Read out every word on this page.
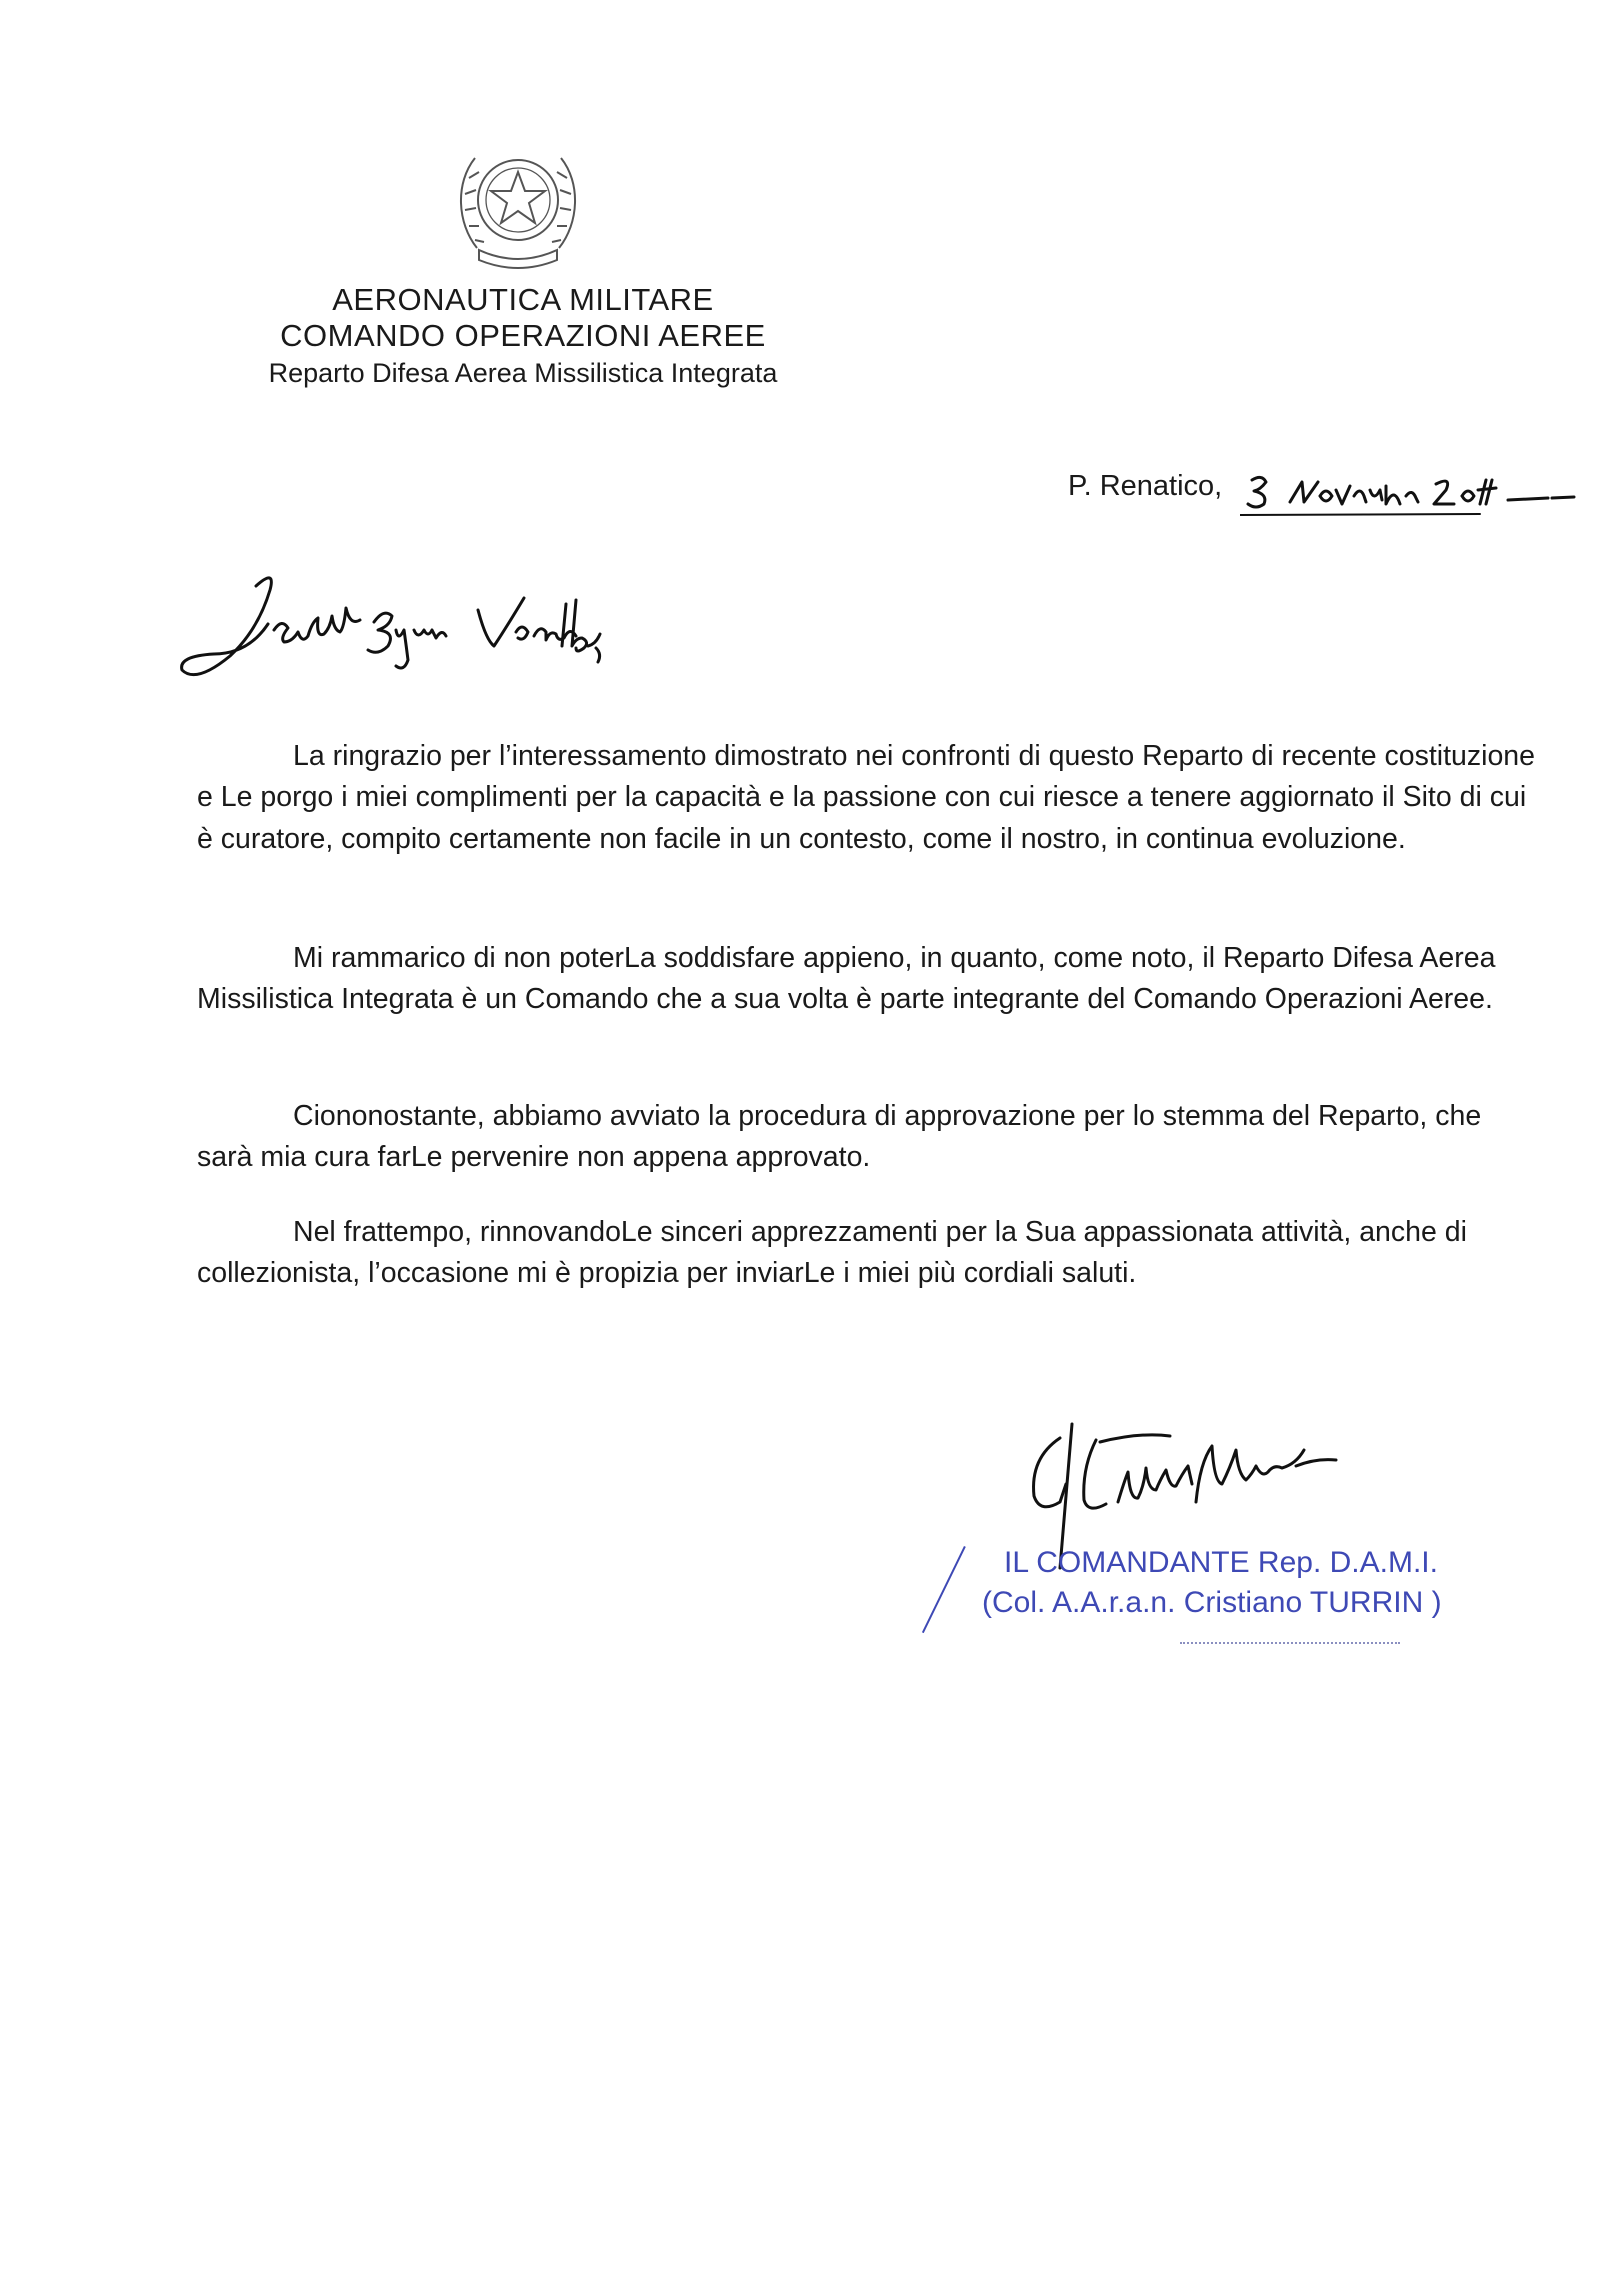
AERONAUTICA MILITARE
COMANDO OPERAZIONI AEREE
Reparto Difesa Aerea Missilistica Integrata
P. Renatico,
La ringrazio per l’interessamento dimostrato nei confronti di questo Reparto di recente costituzione e Le porgo i miei complimenti per la capacità e la passione con cui riesce a tenere aggiornato il Sito di cui è curatore, compito certamente non facile in un contesto, come il nostro, in continua evoluzione.
Mi rammarico di non poterLa soddisfare appieno, in quanto, come noto, il Reparto Difesa Aerea Missilistica Integrata è un Comando che a sua volta è parte integrante del Comando Operazioni Aeree.
Ciononostante, abbiamo avviato la procedura di approvazione per lo stemma del Reparto, che sarà mia cura farLe pervenire non appena approvato.
Nel frattempo, rinnovandoLe sinceri apprezzamenti per la Sua appassionata attività, anche di collezionista, l’occasione mi è propizia per inviarLe i miei più cordiali saluti.
IL COMANDANTE Rep. D.A.M.I.
(Col. A.A.r.a.n. Cristiano TURRIN )
